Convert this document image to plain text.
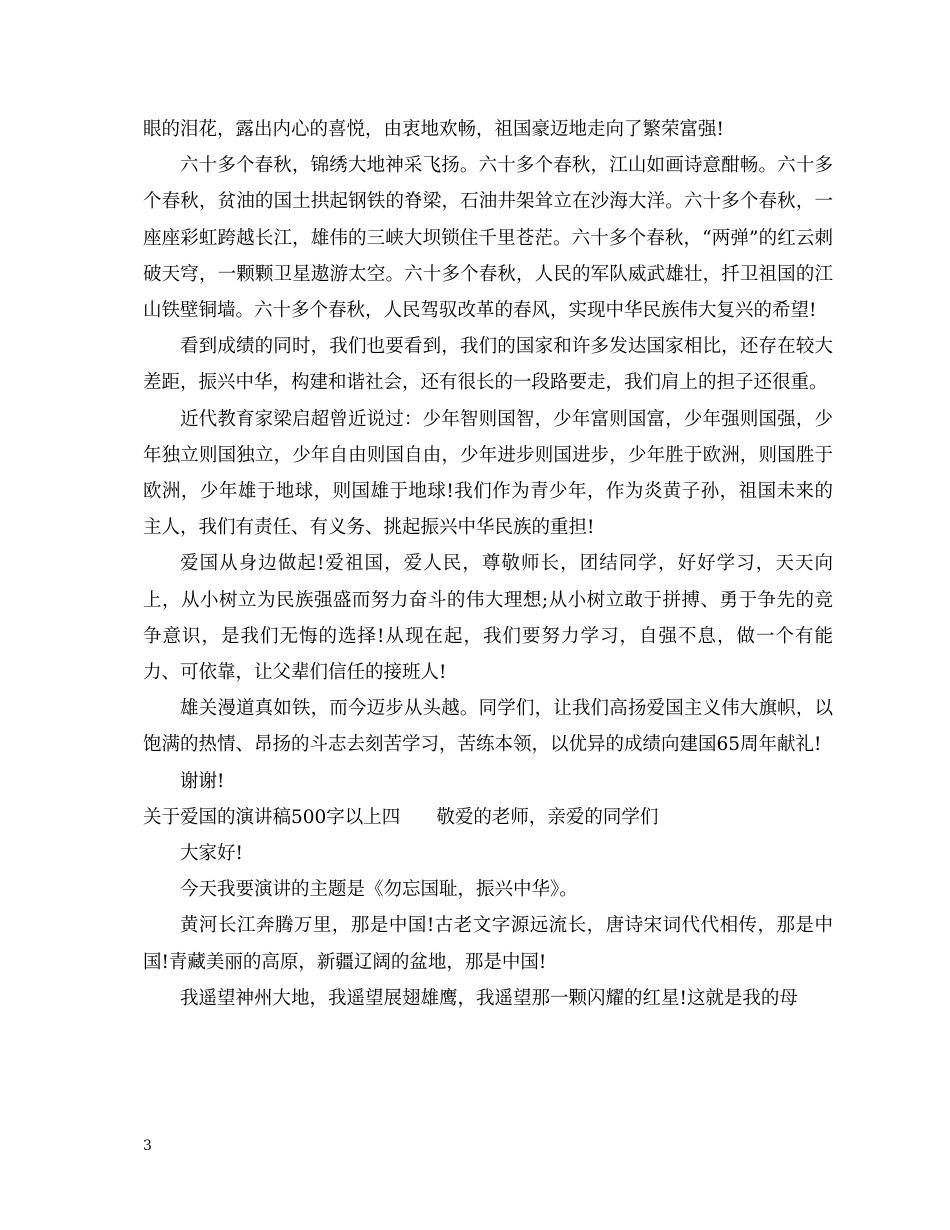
眼的泪花，露出内心的喜悦，由衷地欢畅，祖国豪迈地走向了繁荣富强!

六十多个春秋，锦绣大地神采飞扬。六十多个春秋，江山如画诗意酣畅。六十多个春秋，贫油的国土拱起钢铁的脊梁，石油井架耸立在沙海大洋。六十多个春秋，一座座彩虹跨越长江，雄伟的三峡大坝锁住千里苍茫。六十多个春秋，“两弹”的红云刺破天穹，一颗颗卫星遨游太空。六十多个春秋，人民的军队威武雄壮，扦卫祖国的江山铁壁铜墙。六十多个春秋，人民驾驭改革的春风，实现中华民族伟大复兴的希望!

看到成绩的同时，我们也要看到，我们的国家和许多发达国家相比，还存在较大差距，振兴中华，构建和谐社会，还有很长的一段路要走，我们肩上的担子还很重。

近代教育家梁启超曾近说过：少年智则国智，少年富则国富，少年强则国强，少年独立则国独立，少年自由则国自由，少年进步则国进步，少年胜于欧洲，则国胜于欧洲，少年雄于地球，则国雄于地球!我们作为青少年，作为炎黄子孙，祖国未来的主人，我们有责任、有义务、挑起振兴中华民族的重担!

爱国从身边做起!爱祖国，爱人民，尊敬师长，团结同学，好好学习，天天向上，从小树立为民族强盛而努力奋斗的伟大理想;从小树立敢于拼搏、勇于争先的竞争意识，是我们无悔的选择!从现在起，我们要努力学习，自强不息，做一个有能力、可依靠，让父辈们信任的接班人!

雄关漫道真如铁，而今迈步从头越。同学们，让我们高扬爱国主义伟大旗帜，以饱满的热情、昂扬的斗志去刻苦学习，苦练本领，以优异的成绩向建国65周年献礼!

谢谢!

关于爱国的演讲稿500字以上四 敬爱的老师，亲爱的同学们

大家好!

今天我要演讲的主题是《勿忘国耻，振兴中华》。

黄河长江奔腾万里，那是中国!古老文字源远流长，唐诗宋词代代相传，那是中国!青藏美丽的高原，新疆辽阔的盆地，那是中国!

我遥望神州大地，我遥望展翅雄鹰，我遥望那一颗闪耀的红星!这就是我的母

3
